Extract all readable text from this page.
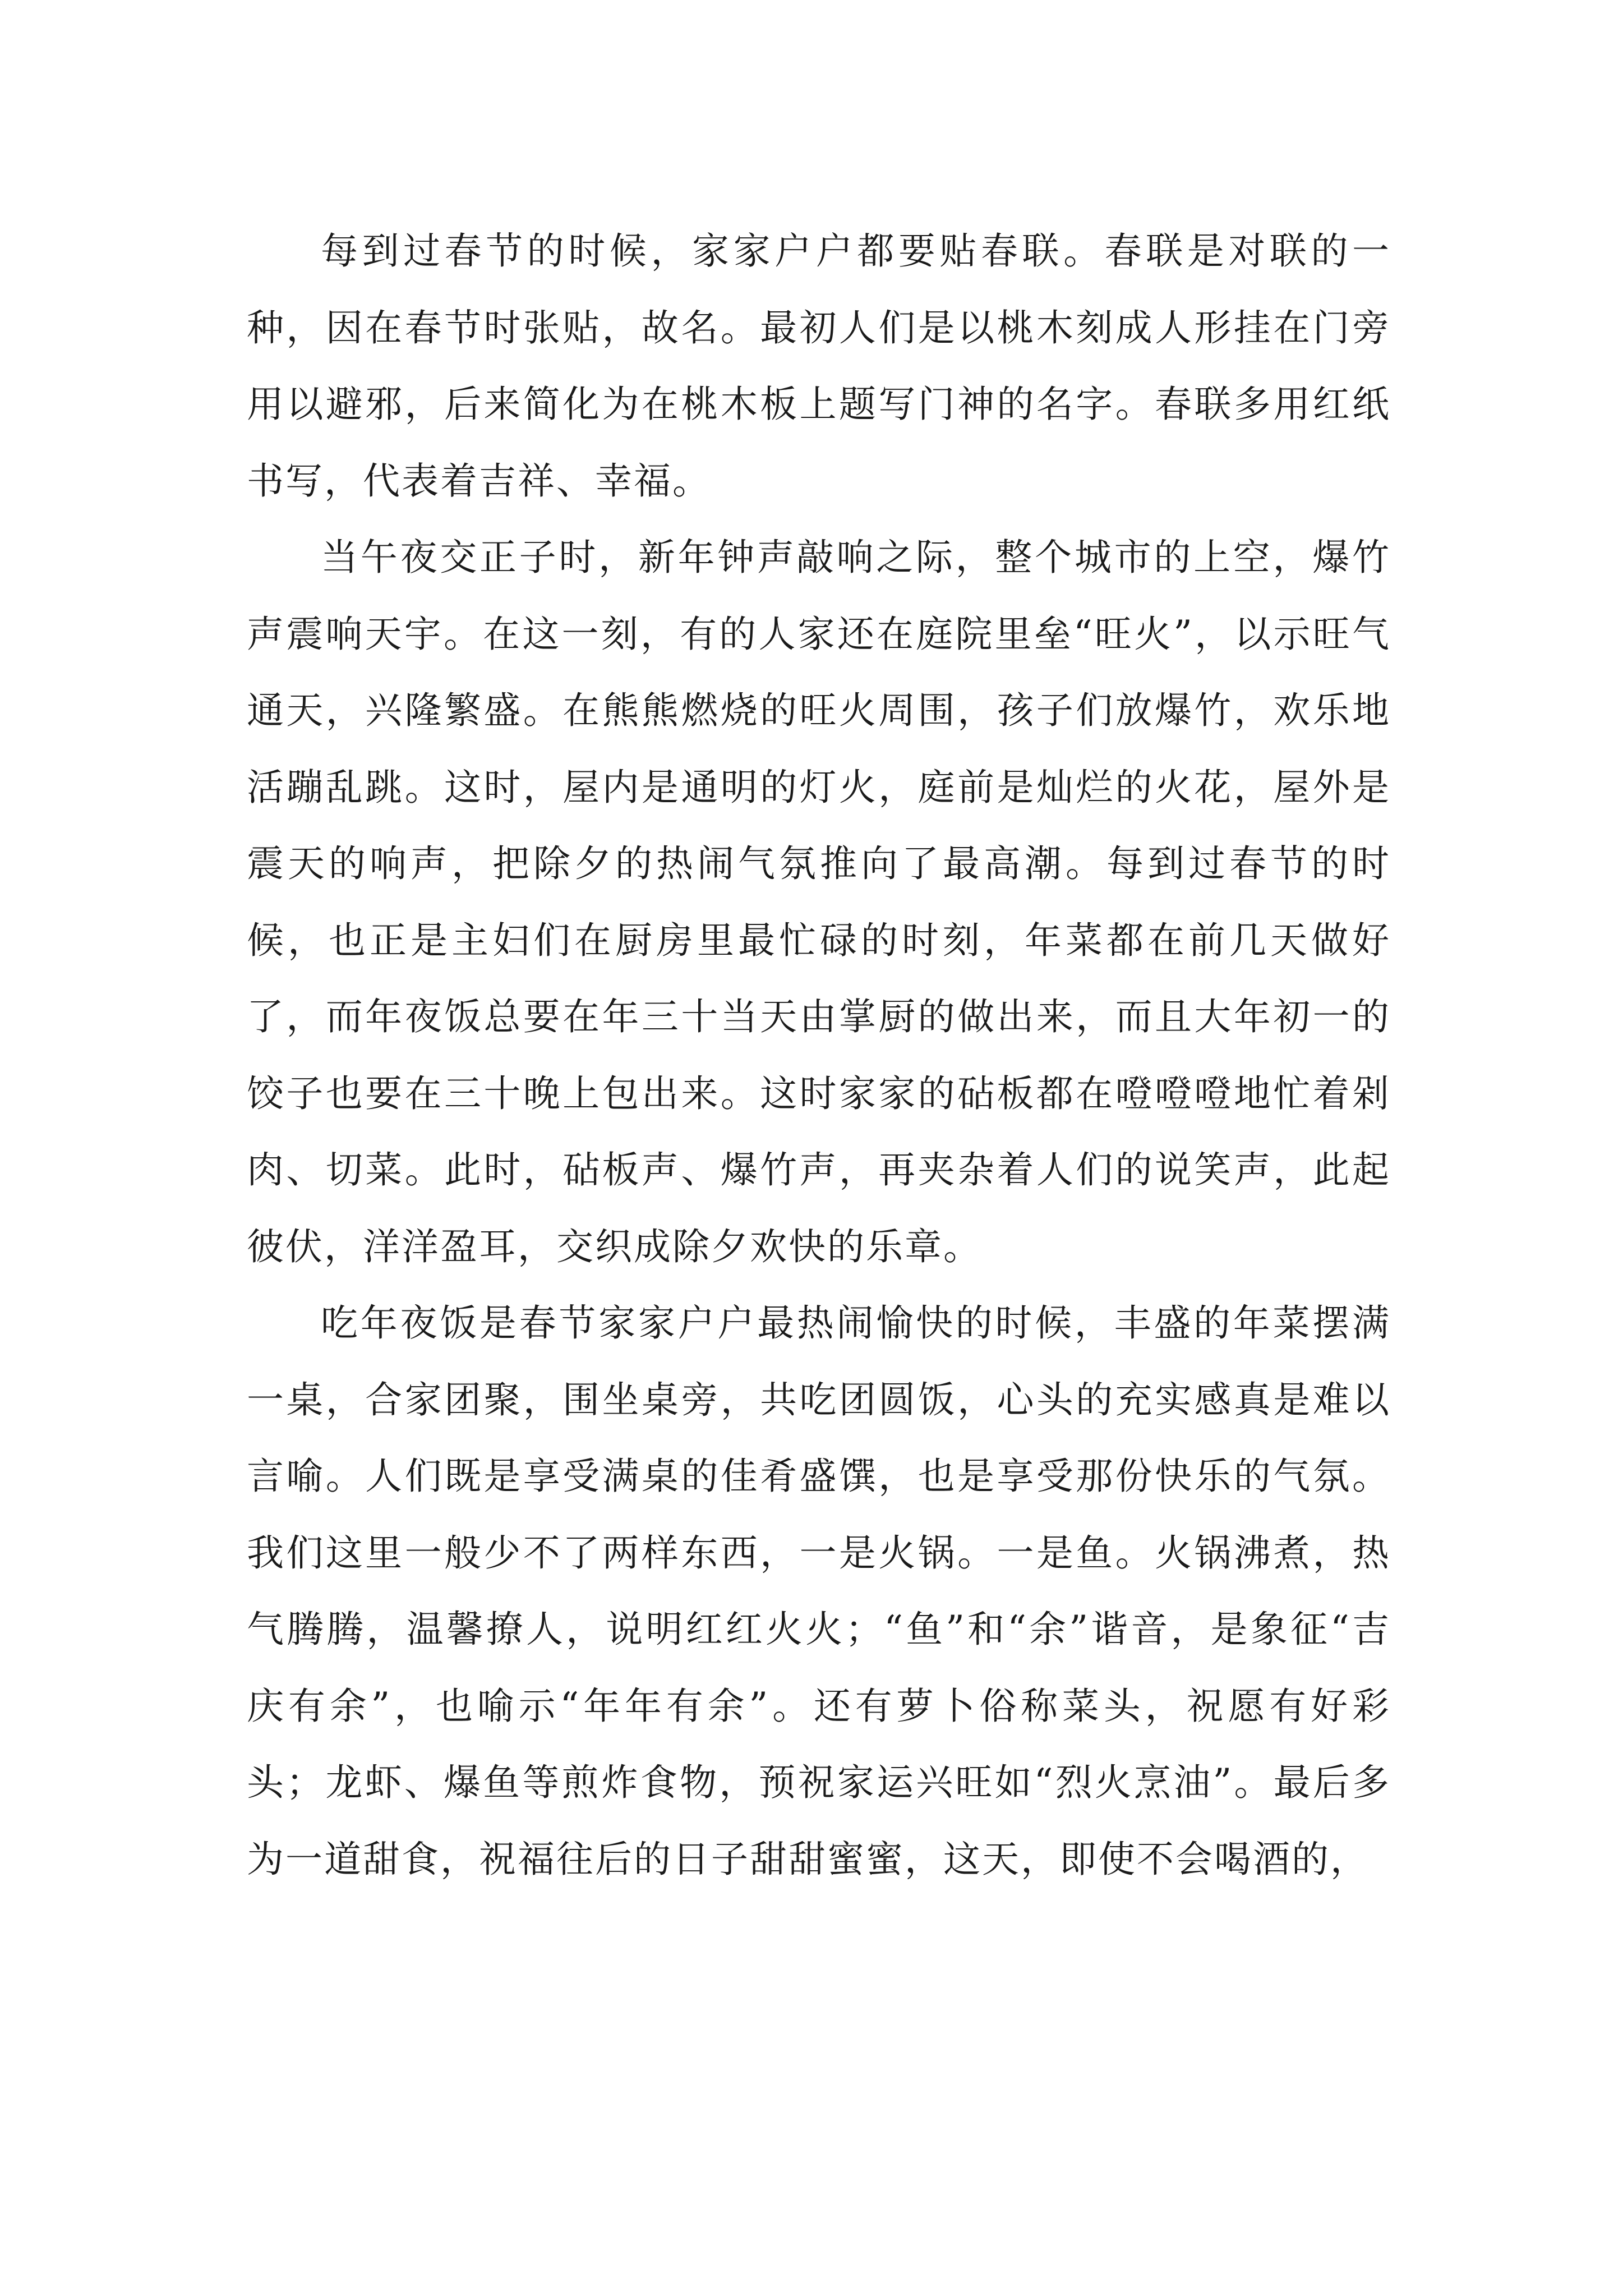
每到过春节的时候，家家户户都要贴春联。春联是对联的一种，因在春节时张贴，故名。最初人们是以桃木刻成人形挂在门旁用以避邪，后来简化为在桃木板上题写门神的名字。春联多用红纸书写，代表着吉祥、幸福。

当午夜交正子时，新年钟声敲响之际，整个城市的上空，爆竹声震响天宇。在这一刻，有的人家还在庭院里垒“旺火”，以示旺气通天，兴隆繁盛。在熊熊燃烧的旺火周围，孩子们放爆竹，欢乐地活蹦乱跳。这时，屋内是通明的灯火，庭前是灿烂的火花，屋外是震天的响声，把除夕的热闹气氛推向了最高潮。每到过春节的时候，也正是主妇们在厨房里最忙碌的时刻，年菜都在前几天做好了，而年夜饭总要在年三十当天由掌厨的做出来，而且大年初一的饺子也要在三十晚上包出来。这时家家的砧板都在噔噔噔地忙着剁肉、切菜。此时，砧板声、爆竹声，再夹杂着人们的说笑声，此起彼伏，洋洋盈耳，交织成除夕欢快的乐章。

吃年夜饭是春节家家户户最热闹愉快的时候，丰盛的年菜摆满一桌，合家团聚，围坐桌旁，共吃团圆饭，心头的充实感真是难以言喻。人们既是享受满桌的佳肴盛馔，也是享受那份快乐的气氛。我们这里一般少不了两样东西，一是火锅。一是鱼。火锅沸煮，热气腾腾，温馨撩人，说明红红火火；“鱼”和“余”谐音，是象征“吉庆有余”，也喻示“年年有余”。还有萝卜俗称菜头，祝愿有好彩头；龙虾、爆鱼等煎炸食物，预祝家运兴旺如“烈火烹油”。最后多为一道甜食，祝福往后的日子甜甜蜜蜜，这天，即使不会喝酒的，
